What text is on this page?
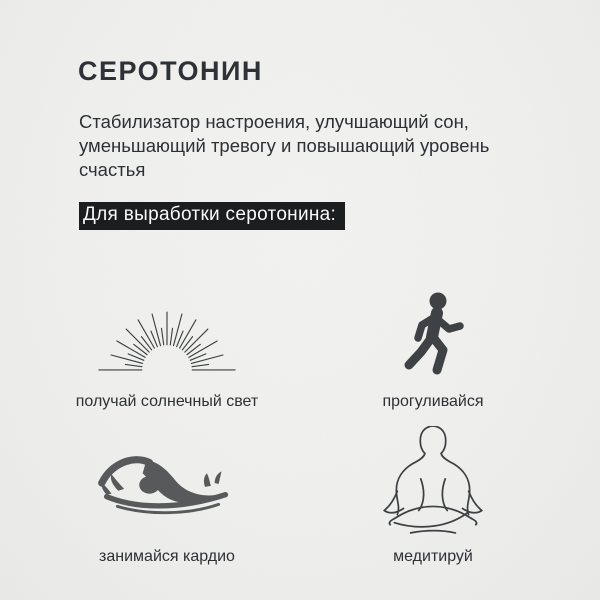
СЕРОТОНИН
Стабилизатор настроения, улучшающий сон,
уменьшающий тревогу и повышающий уровень
счастья
Для выработки серотонина:
получай солнечный свет	прогуливайся
занимайся кардио	медитируй
